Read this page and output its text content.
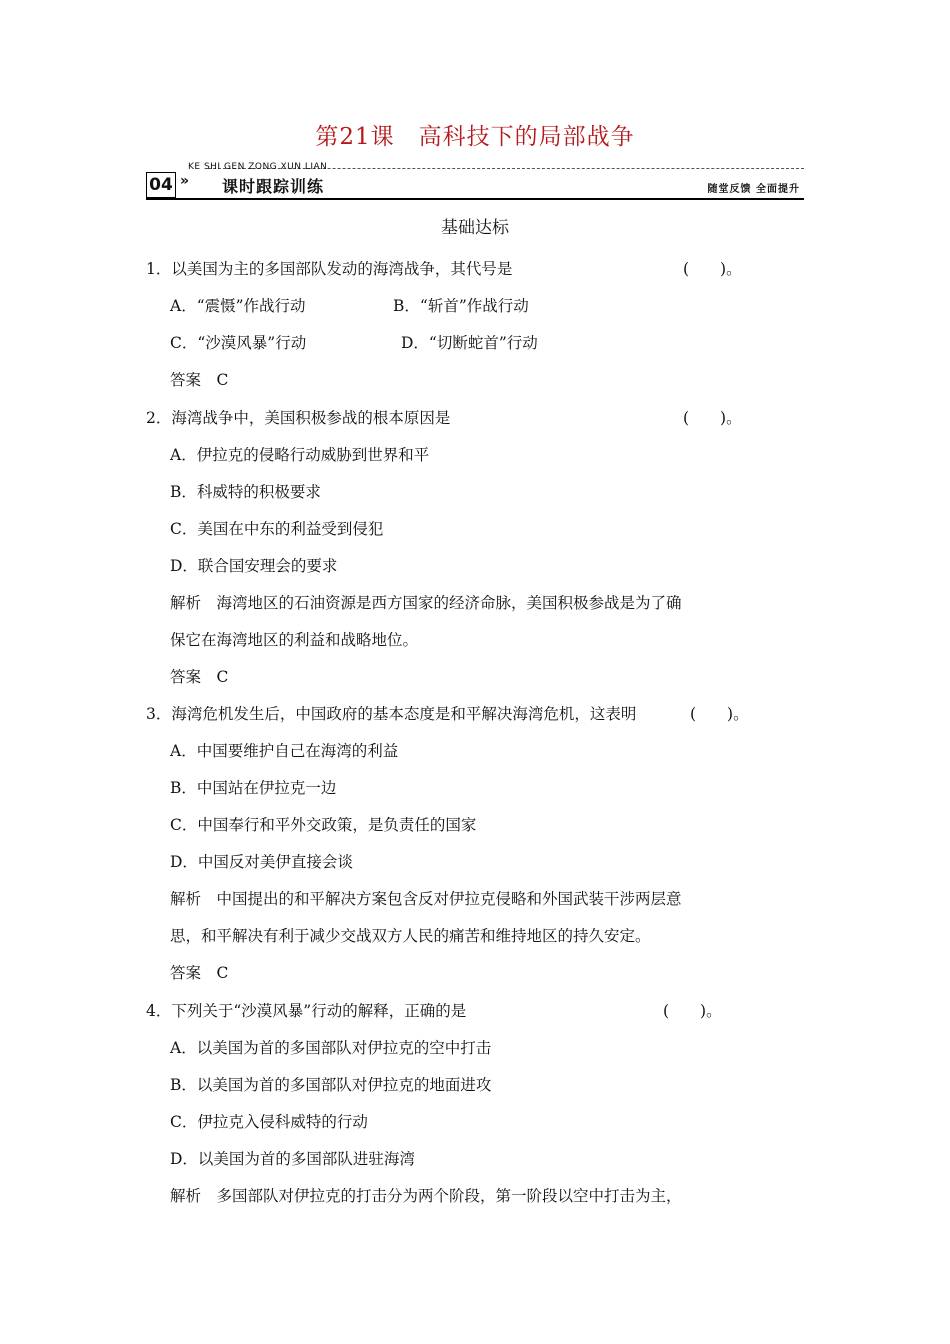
第21课　高科技下的局部战争
KE SHI GEN ZONG XUN LIAN
04 » 课时跟踪训练	随堂反馈 全面提升
基础达标
1．以美国为主的多国部队发动的海湾战争，其代号是	(　　)。
A．“震慑”作战行动	B．“斩首”作战行动
C．“沙漠风暴”行动	D．“切断蛇首”行动
答案　C
2．海湾战争中，美国积极参战的根本原因是	(　　)。
A．伊拉克的侵略行动威胁到世界和平
B．科威特的积极要求
C．美国在中东的利益受到侵犯
D．联合国安理会的要求
解析　海湾地区的石油资源是西方国家的经济命脉，美国积极参战是为了确
保它在海湾地区的利益和战略地位。
答案　C
3．海湾危机发生后，中国政府的基本态度是和平解决海湾危机，这表明	(　　)。
A．中国要维护自己在海湾的利益
B．中国站在伊拉克一边
C．中国奉行和平外交政策，是负责任的国家
D．中国反对美伊直接会谈
解析　中国提出的和平解决方案包含反对伊拉克侵略和外国武装干涉两层意
思，和平解决有利于减少交战双方人民的痛苦和维持地区的持久安定。
答案　C
4．下列关于“沙漠风暴”行动的解释，正确的是	(　　)。
A．以美国为首的多国部队对伊拉克的空中打击
B．以美国为首的多国部队对伊拉克的地面进攻
C．伊拉克入侵科威特的行动
D．以美国为首的多国部队进驻海湾
解析　多国部队对伊拉克的打击分为两个阶段，第一阶段以空中打击为主，
